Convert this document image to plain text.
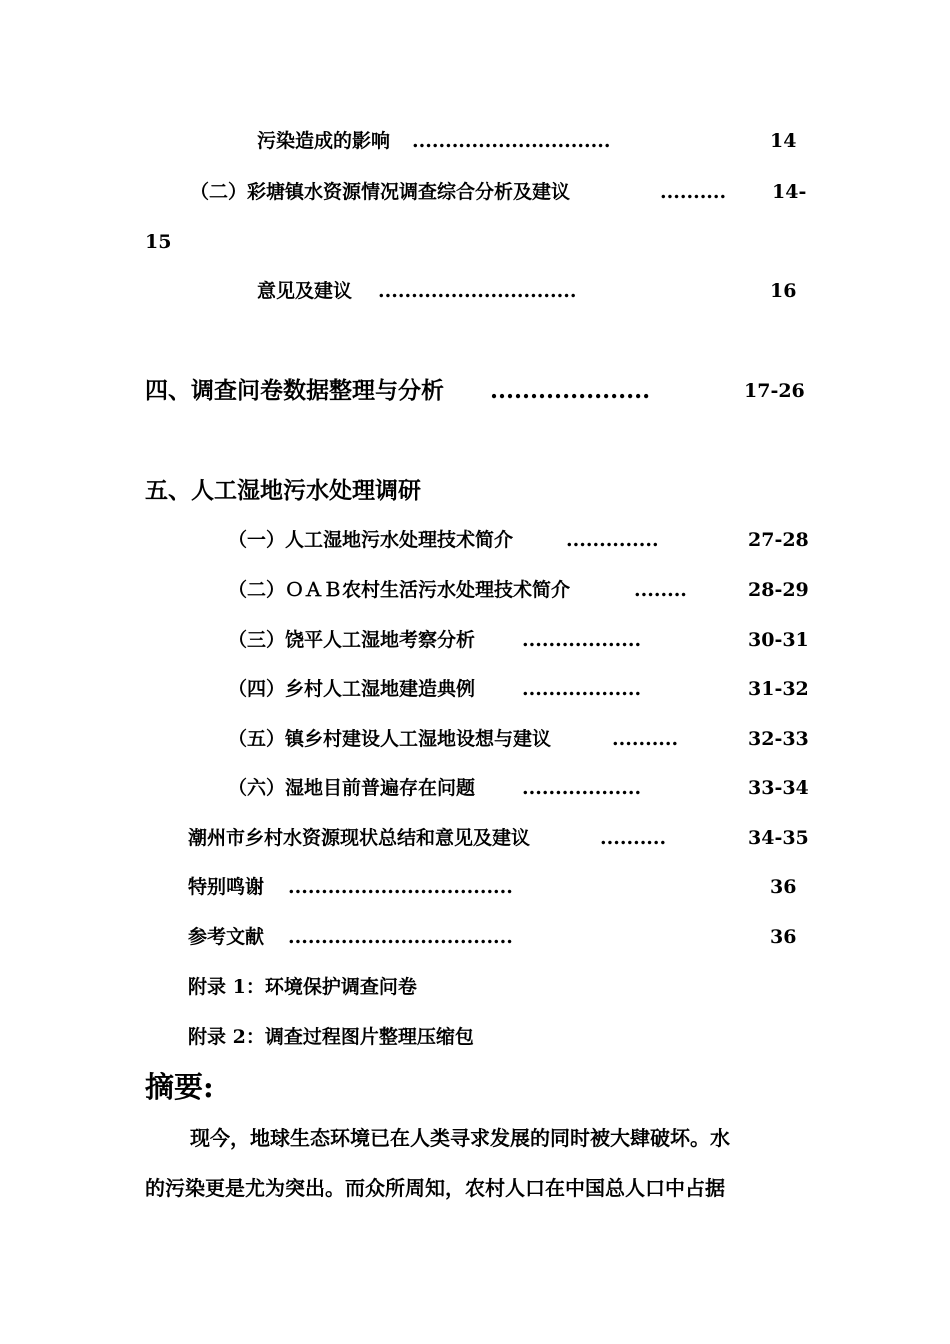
污染造成的影响 ..............................	14
（二）彩塘镇水资源情况调查综合分析及建议	.......... 14-
15
意见及建议 ..............................	16
四、调查问卷数据整理与分析 ....................	17-26
五、人工湿地污水处理调研
（一）人工湿地污水处理技术简介	..............	27-28
（二）ＯＡＢ农村生活污水处理技术简介	........	28-29
（三）饶平人工湿地考察分析 ..................	30-31
（四）乡村人工湿地建造典例 ..................	31-32
（五）镇乡村建设人工湿地设想与建议	..........	32-33
（六）湿地目前普遍存在问题 ..................	33-34
潮州市乡村水资源现状总结和意见及建议	..........	34-35
特别鸣谢 ..................................	36
参考文献 ..................................	36
附录 1：环境保护调查问卷
附录 2：调查过程图片整理压缩包
摘要:
现今，地球生态环境已在人类寻求发展的同时被大肆破坏。水
的污染更是尤为突出。而众所周知，农村人口在中国总人口中占据
